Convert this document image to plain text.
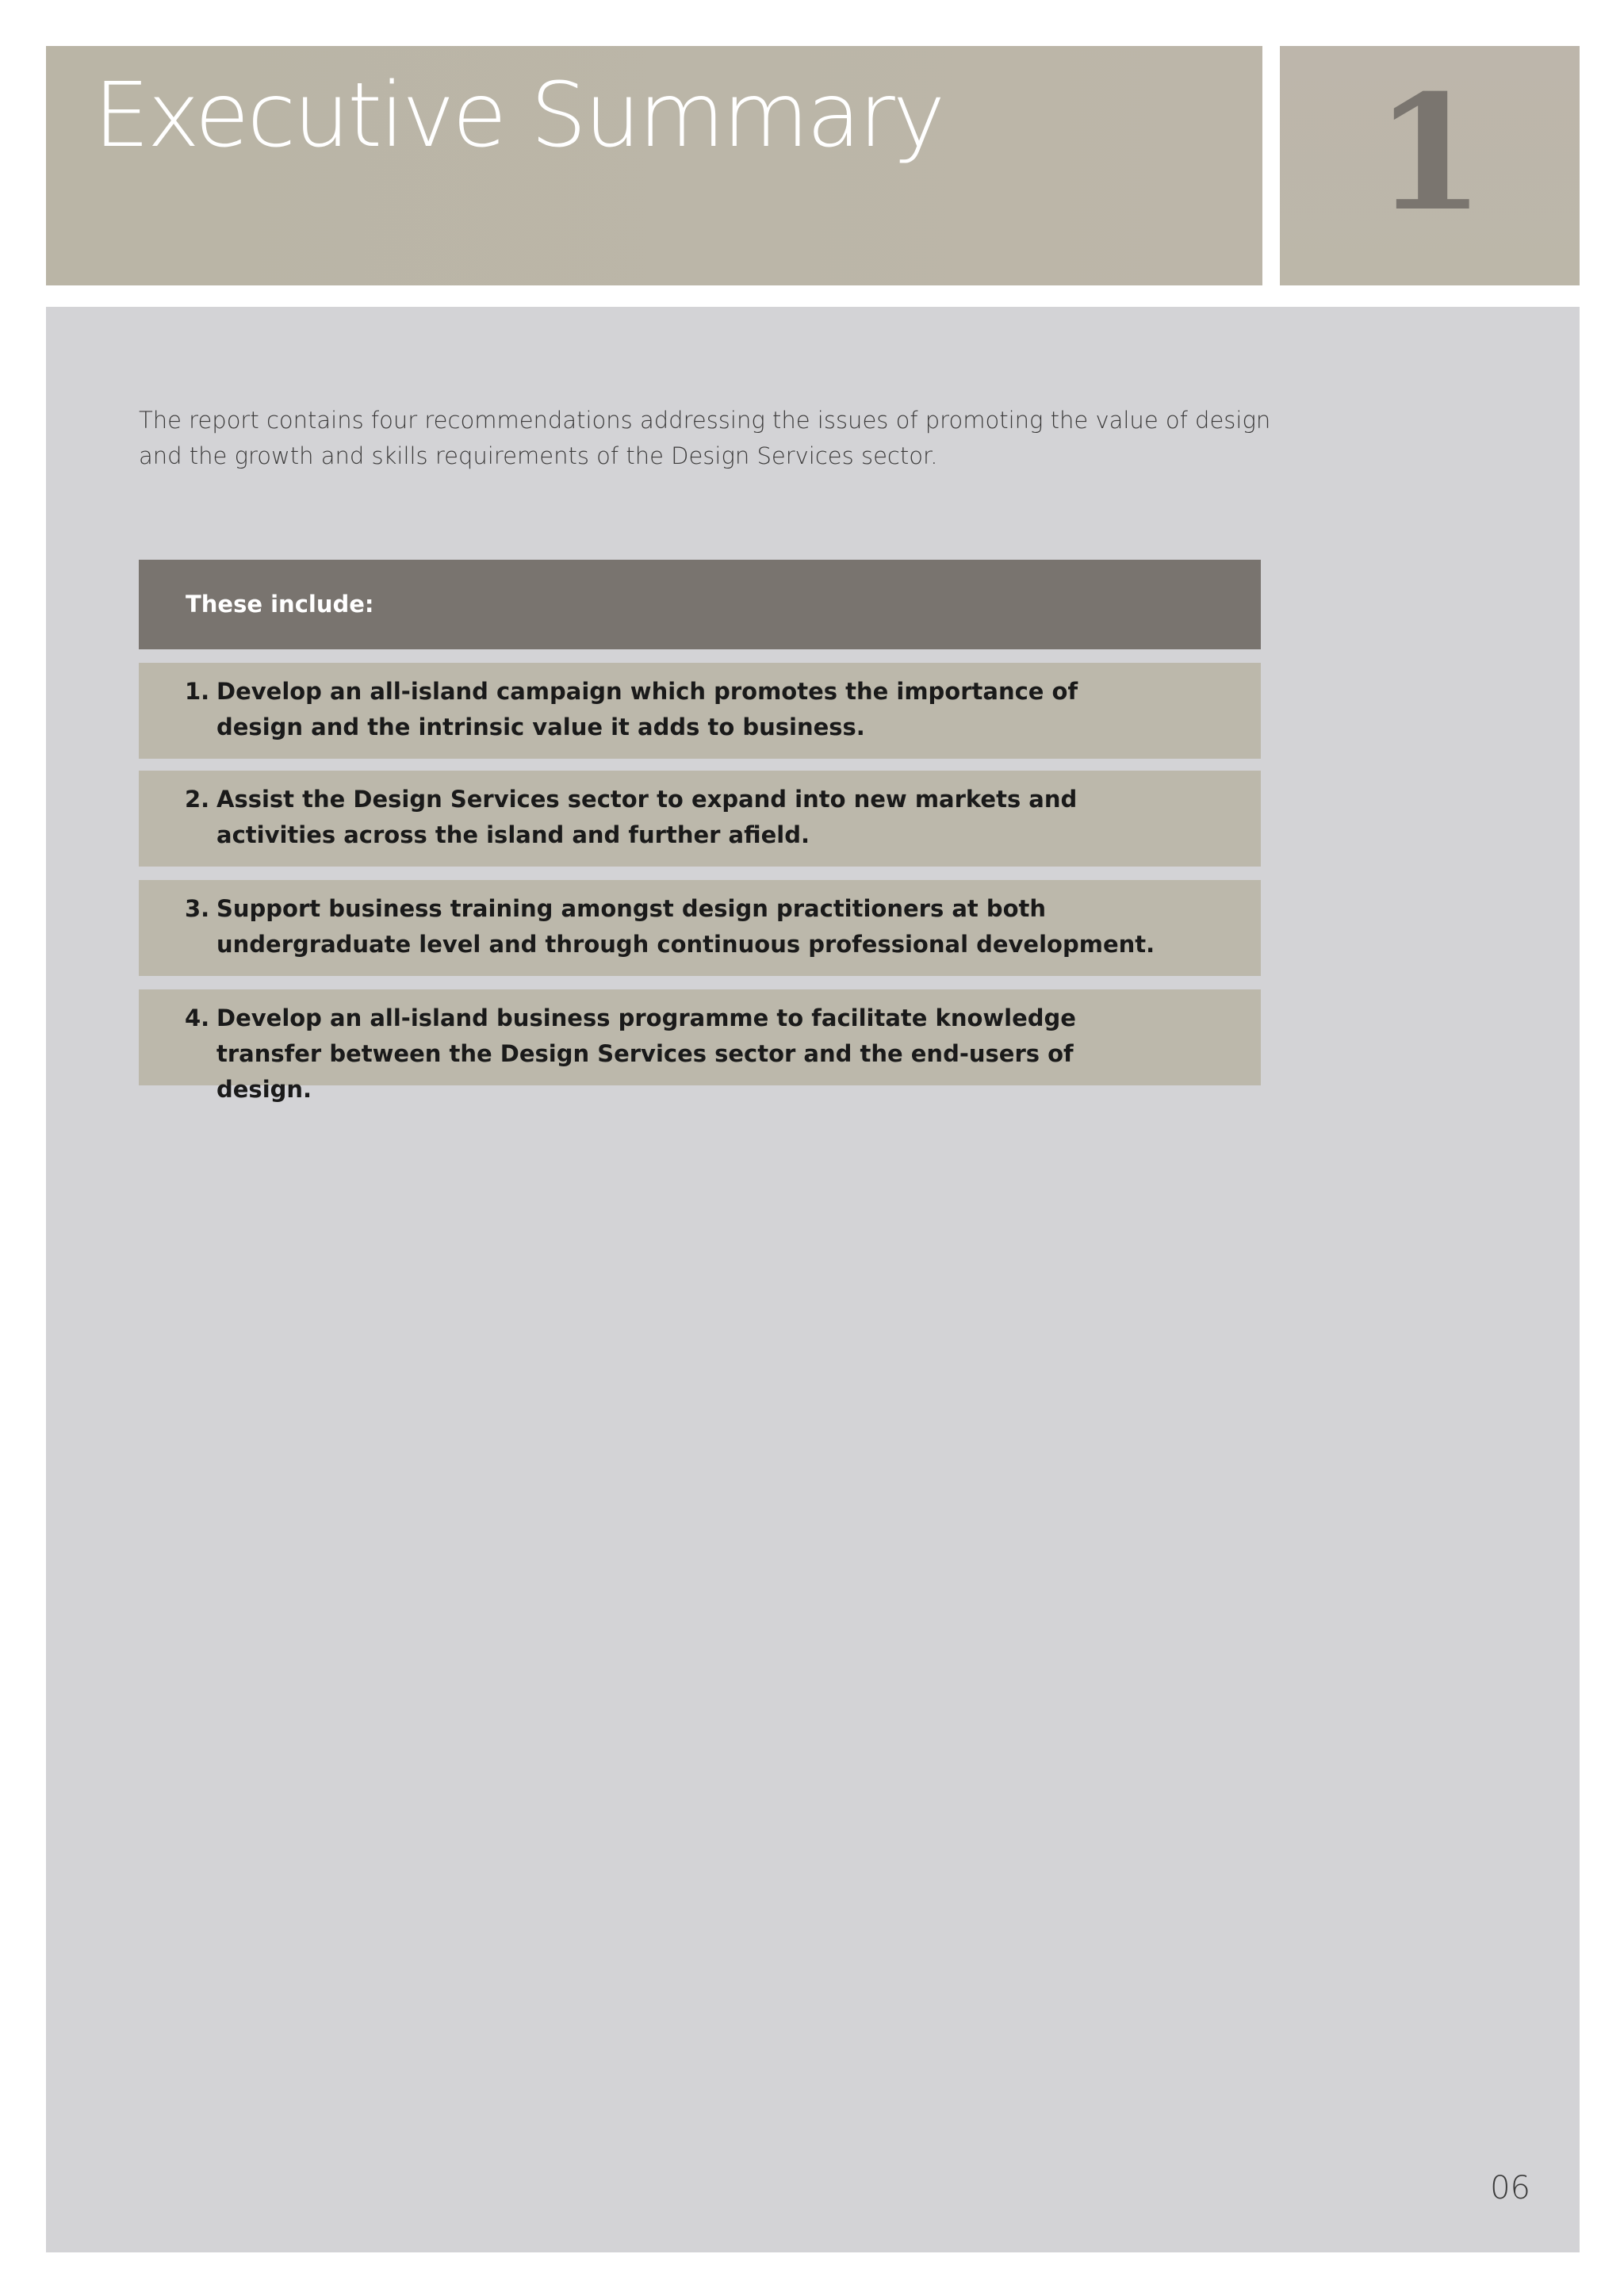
Executive Summary	1

The report contains four recommendations addressing the issues of promoting the value of design and the growth and skills requirements of the Design Services sector.

These include:
1. Develop an all-island campaign which promotes the importance of design and the intrinsic value it adds to business.

2. Assist the Design Services sector to expand into new markets and activities across the island and further afield.

3. Support business training amongst design practitioners at both undergraduate level and through continuous professional development.

4. Develop an all-island business programme to facilitate knowledge transfer between the Design Services sector and the end-users of design.

06
